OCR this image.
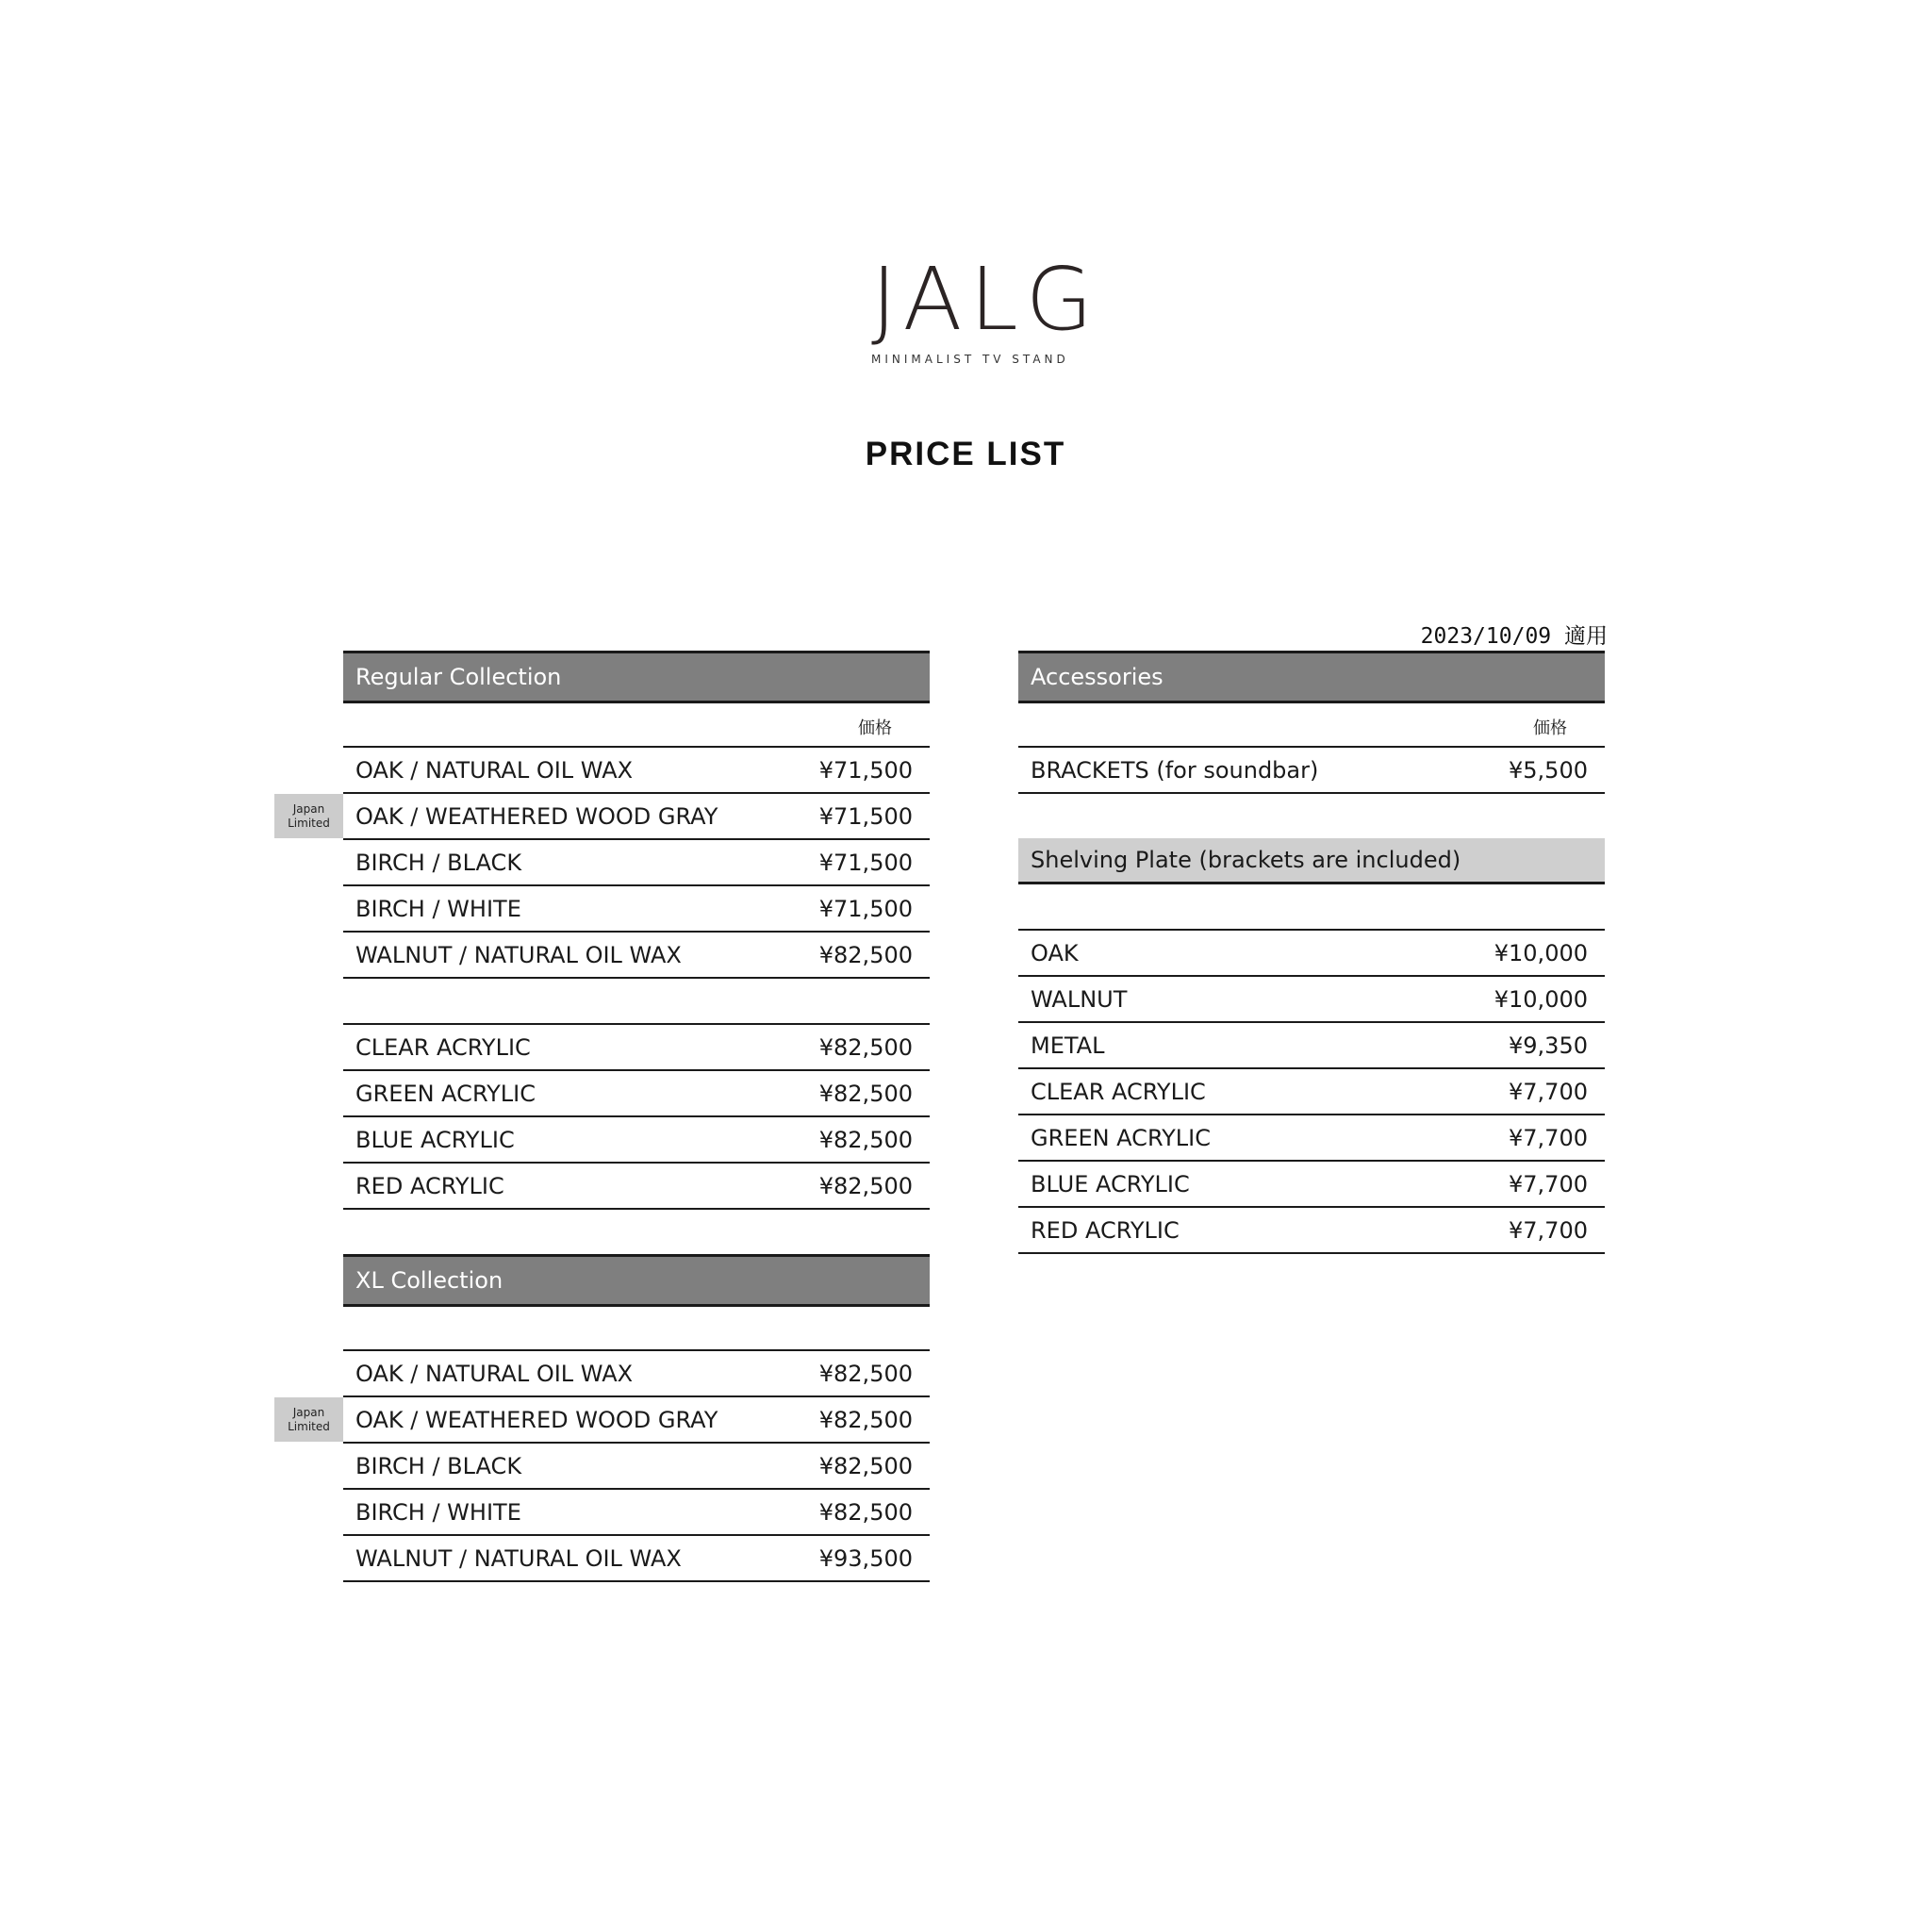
JALG
MINIMALIST TV STAND
PRICE LIST
2023/10/09 適用
Regular Collection
価格
OAK / NATURAL OIL WAX	¥71,500
Japan Limited	OAK / WEATHERED WOOD GRAY	¥71,500
BIRCH / BLACK	¥71,500
BIRCH / WHITE	¥71,500
WALNUT / NATURAL OIL WAX	¥82,500
CLEAR ACRYLIC	¥82,500
GREEN ACRYLIC	¥82,500
BLUE ACRYLIC	¥82,500
RED ACRYLIC	¥82,500
XL Collection
OAK / NATURAL OIL WAX	¥82,500
Japan Limited	OAK / WEATHERED WOOD GRAY	¥82,500
BIRCH / BLACK	¥82,500
BIRCH / WHITE	¥82,500
WALNUT / NATURAL OIL WAX	¥93,500
Accessories
価格
BRACKETS (for soundbar)	¥5,500
Shelving Plate (brackets are included)
OAK	¥10,000
WALNUT	¥10,000
METAL	¥9,350
CLEAR ACRYLIC	¥7,700
GREEN ACRYLIC	¥7,700
BLUE ACRYLIC	¥7,700
RED ACRYLIC	¥7,700
